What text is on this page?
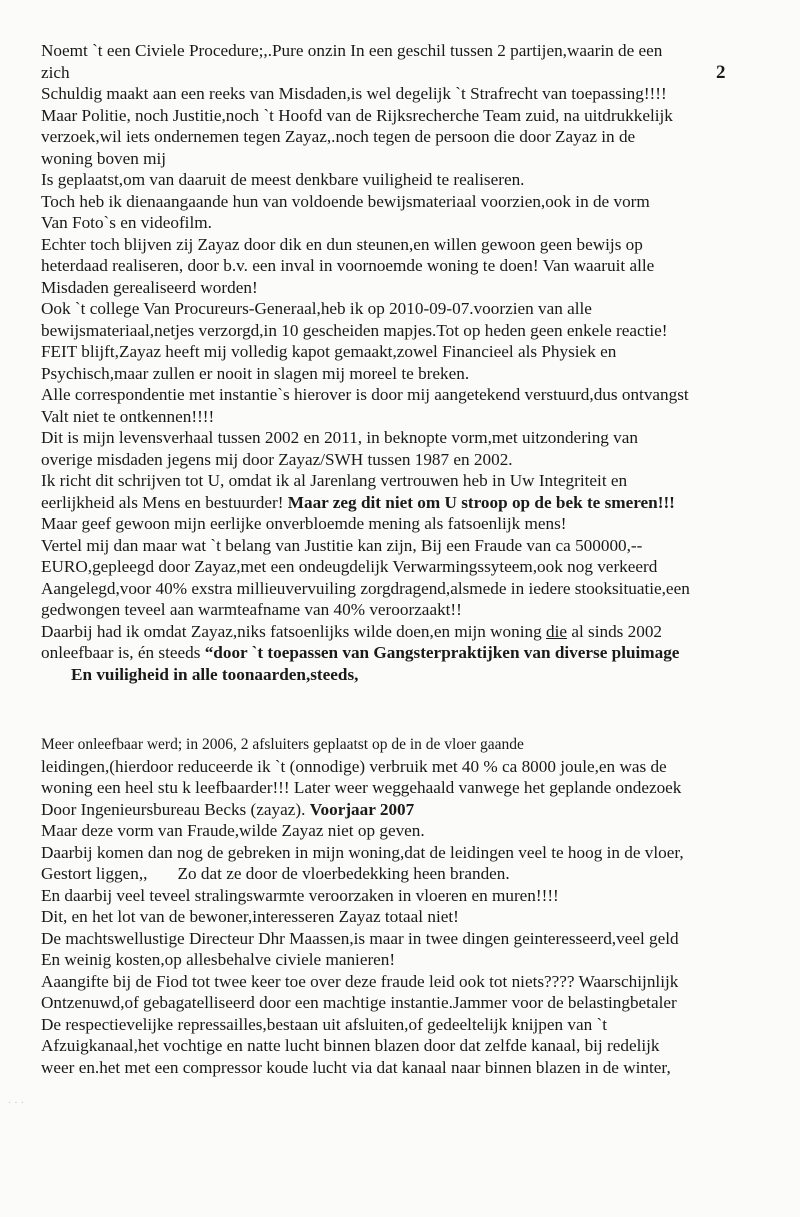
2
Noemt `t een Civiele Procedure;,.Pure onzin In een geschil tussen 2 partijen,waarin de een
zich
Schuldig maakt aan een reeks van Misdaden,is wel degelijk `t Strafrecht van toepassing!!!!
Maar Politie, noch Justitie,noch `t Hoofd van de Rijksrecherche Team zuid, na uitdrukkelijk
verzoek,wil iets ondernemen tegen Zayaz,.noch tegen de persoon die door Zayaz in de
woning boven mij
Is geplaatst,om van daaruit de meest denkbare vuiligheid te realiseren.
Toch heb ik dienaangaande hun van voldoende bewijsmateriaal voorzien,ook in de vorm
Van Foto`s en videofilm.
Echter toch blijven zij Zayaz door dik en dun steunen,en willen gewoon geen bewijs op
heterdaad realiseren, door b.v. een inval in voornoemde woning te doen! Van waaruit alle
Misdaden gerealiseerd worden!
Ook `t college Van Procureurs-Generaal,heb ik op 2010-09-07.voorzien van alle
bewijsmateriaal,netjes verzorgd,in 10 gescheiden mapjes.Tot op heden geen enkele reactie!
FEIT blijft,Zayaz heeft mij volledig kapot gemaakt,zowel Financieel als Physiek en
Psychisch,maar zullen er nooit in slagen mij moreel te breken.
Alle correspondentie met instantie`s hierover is door mij aangetekend verstuurd,dus ontvangst
Valt niet te ontkennen!!!!
Dit is mijn levensverhaal tussen 2002 en 2011, in beknopte vorm,met uitzondering van
overige misdaden jegens mij door Zayaz/SWH tussen 1987 en 2002.
Ik richt dit schrijven tot U, omdat ik al Jarenlang vertrouwen heb in Uw Integriteit en
eerlijkheid als Mens en bestuurder! Maar zeg dit niet om U stroop op de bek te smeren!!!
Maar geef gewoon mijn eerlijke onverbloemde mening als fatsoenlijk mens!
Vertel mij dan maar wat `t belang van Justitie kan zijn, Bij een Fraude van ca 500000,--
EURO,gepleegd door Zayaz,met een ondeugdelijk Verwarmingssyteem,ook nog verkeerd
Aangelegd,voor 40% exstra millieuvervuiling zorgdragend,alsmede in iedere stooksituatie,een
gedwongen teveel aan warmteafname van 40% veroorzaakt!!
Daarbij had ik omdat Zayaz,niks fatsoenlijks wilde doen,en mijn woning die al sinds 2002
onleefbaar is, én steeds “door `t toepassen van Gangsterpraktijken van diverse pluimage
En vuiligheid in alle toonaarden,steeds,
Meer onleefbaar werd; in 2006, 2 afsluiters geplaatst op de in de vloer gaande
leidingen,(hierdoor reduceerde ik `t (onnodige) verbruik met 40 % ca 8000 joule,en was de
woning een heel stu k leefbaarder!!! Later weer weggehaald vanwege het geplande ondezoek
Door Ingenieursbureau Becks (zayaz). Voorjaar 2007
Maar deze vorm van Fraude,wilde Zayaz niet op geven.
Daarbij komen dan nog de gebreken in mijn woning,dat de leidingen veel te hoog in de vloer,
Gestort liggen,,       Zo dat ze door de vloerbedekking heen branden.
En daarbij veel teveel stralingswarmte veroorzaken in vloeren en muren!!!!
Dit, en het lot van de bewoner,interesseren Zayaz totaal niet!
De machtswellustige Directeur Dhr Maassen,is maar in twee dingen geinteresseerd,veel geld
En weinig kosten,op allesbehalve civiele manieren!
Aaangifte bij de Fiod tot twee keer toe over deze fraude leid ook tot niets???? Waarschijnlijk
Ontzenuwd,of gebagatelliseerd door een machtige instantie.Jammer voor de belastingbetaler
De respectievelijke repressailles,bestaan uit afsluiten,of gedeeltelijk knijpen van `t
Afzuigkanaal,het vochtige en natte lucht binnen blazen door dat zelfde kanaal, bij redelijk
weer en.het met een compressor koude lucht via dat kanaal naar binnen blazen in de winter,
· · ·
